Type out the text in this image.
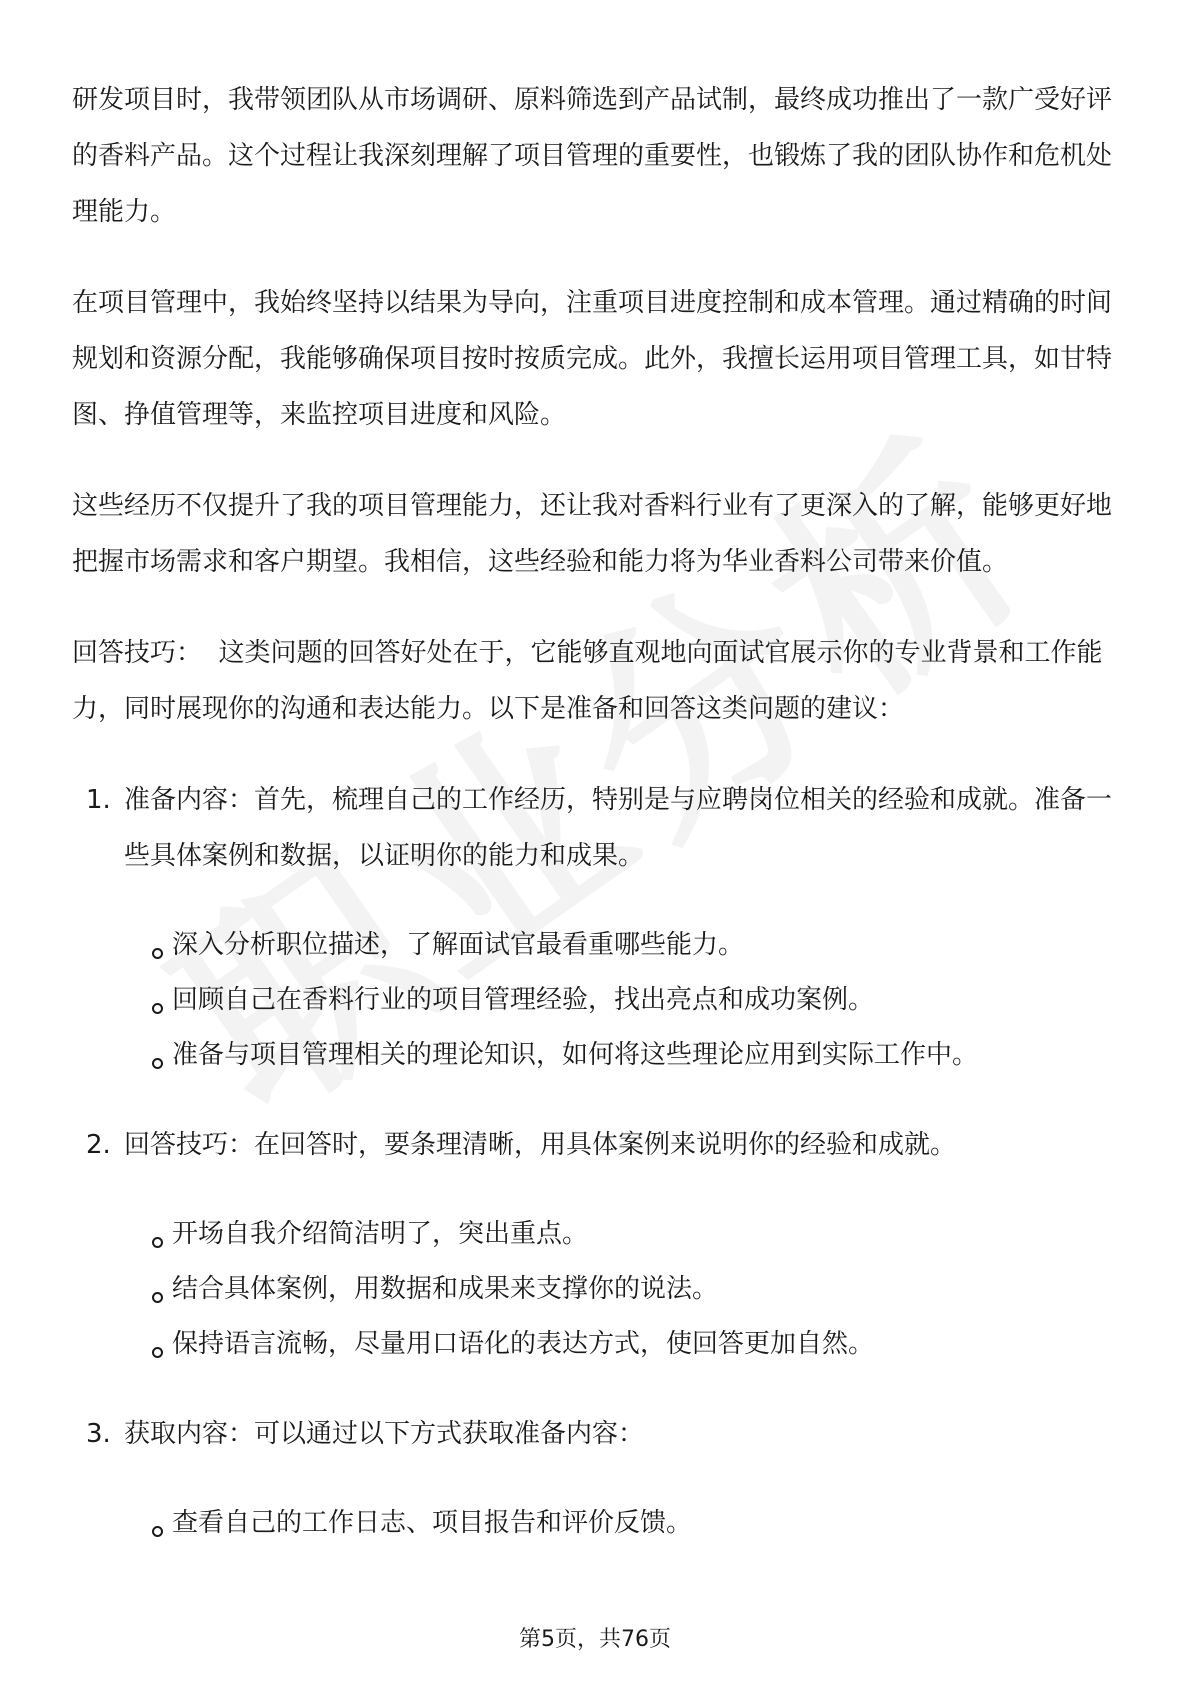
研发项目时，我带领团队从市场调研、原料筛选到产品试制，最终成功推出了一款广受好评的香料产品。这个过程让我深刻理解了项目管理的重要性，也锻炼了我的团队协作和危机处理能力。

在项目管理中，我始终坚持以结果为导向，注重项目进度控制和成本管理。通过精确的时间规划和资源分配，我能够确保项目按时按质完成。此外，我擅长运用项目管理工具，如甘特图、挣值管理等，来监控项目进度和风险。

这些经历不仅提升了我的项目管理能力，还让我对香料行业有了更深入的了解，能够更好地把握市场需求和客户期望。我相信，这些经验和能力将为华业香料公司带来价值。

回答技巧： 这类问题的回答好处在于，它能够直观地向面试官展示你的专业背景和工作能力，同时展现你的沟通和表达能力。以下是准备和回答这类问题的建议：

1. 准备内容：首先，梳理自己的工作经历，特别是与应聘岗位相关的经验和成就。准备一些具体案例和数据，以证明你的能力和成果。
深入分析职位描述，了解面试官最看重哪些能力。
回顾自己在香料行业的项目管理经验，找出亮点和成功案例。
准备与项目管理相关的理论知识，如何将这些理论应用到实际工作中。
2. 回答技巧：在回答时，要条理清晰，用具体案例来说明你的经验和成就。
开场自我介绍简洁明了，突出重点。
结合具体案例，用数据和成果来支撑你的说法。
保持语言流畅，尽量用口语化的表达方式，使回答更加自然。
3. 获取内容：可以通过以下方式获取准备内容：
查看自己的工作日志、项目报告和评价反馈。
第5页，共76页
